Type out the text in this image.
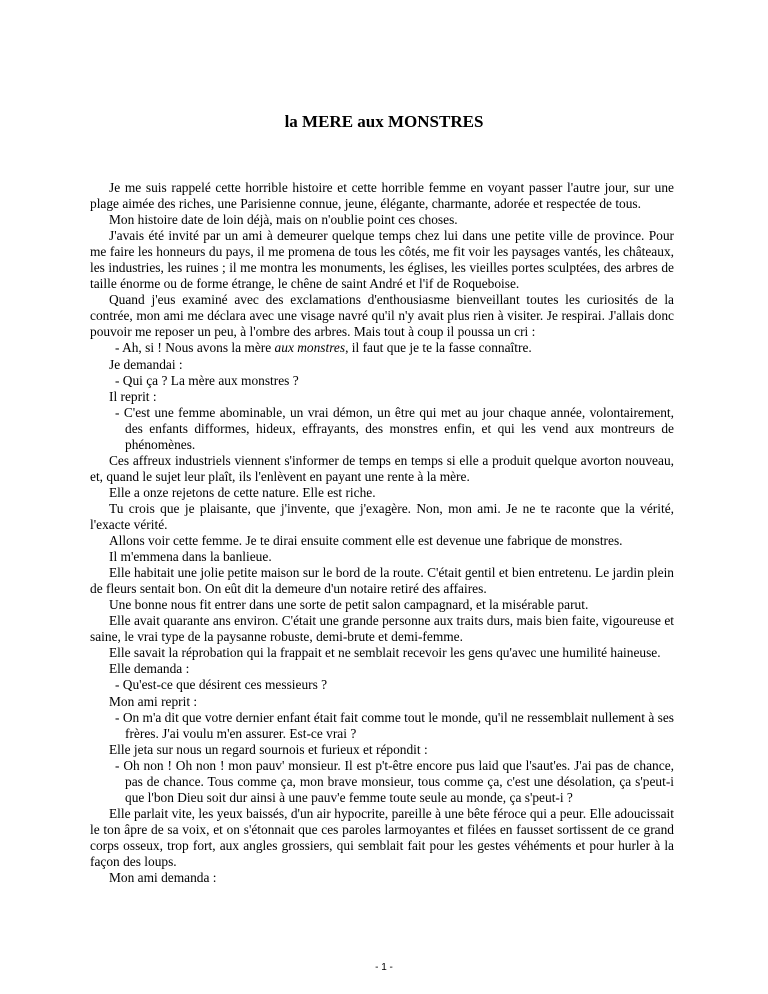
la MERE aux MONSTRES

Je me suis rappelé cette horrible histoire et cette horrible femme en voyant passer l'autre jour, sur une plage aimée des riches, une Parisienne connue, jeune, élégante, charmante, adorée et respectée de tous.

Mon histoire date de loin déjà, mais on n'oublie point ces choses.

J'avais été invité par un ami à demeurer quelque temps chez lui dans une petite ville de province. Pour me faire les honneurs du pays, il me promena de tous les côtés, me fit voir les paysages vantés, les châteaux, les industries, les ruines ; il me montra les monuments, les églises, les vieilles portes sculptées, des arbres de taille énorme ou de forme étrange, le chêne de saint André et l'if de Roqueboise.

Quand j'eus examiné avec des exclamations d'enthousiasme bienveillant toutes les curiosités de la contrée, mon ami me déclara avec une visage navré qu'il n'y avait plus rien à visiter. Je respirai. J'allais donc pouvoir me reposer un peu, à l'ombre des arbres. Mais tout à coup il poussa un cri :

- Ah, si ! Nous avons la mère aux monstres, il faut que je te la fasse connaître.

Je demandai :

- Qui ça ? La mère aux monstres ?

Il reprit :

- C'est une femme abominable, un vrai démon, un être qui met au jour chaque année, volontairement, des enfants difformes, hideux, effrayants, des monstres enfin, et qui les vend aux montreurs de phénomènes.

Ces affreux industriels viennent s'informer de temps en temps si elle a produit quelque avorton nouveau, et, quand le sujet leur plaît, ils l'enlèvent en payant une rente à la mère.

Elle a onze rejetons de cette nature. Elle est riche.

Tu crois que je plaisante, que j'invente, que j'exagère. Non, mon ami. Je ne te raconte que la vérité, l'exacte vérité.

Allons voir cette femme. Je te dirai ensuite comment elle est devenue une fabrique de monstres.

Il m'emmena dans la banlieue.

Elle habitait une jolie petite maison sur le bord de la route. C'était gentil et bien entretenu. Le jardin plein de fleurs sentait bon. On eût dit la demeure d'un notaire retiré des affaires.

Une bonne nous fit entrer dans une sorte de petit salon campagnard, et la misérable parut.

Elle avait quarante ans environ. C'était une grande personne aux traits durs, mais bien faite, vigoureuse et saine, le vrai type de la paysanne robuste, demi-brute et demi-femme.

Elle savait la réprobation qui la frappait et ne semblait recevoir les gens qu'avec une humilité haineuse.

Elle demanda :

- Qu'est-ce que désirent ces messieurs ?

Mon ami reprit :

- On m'a dit que votre dernier enfant était fait comme tout le monde, qu'il ne ressemblait nullement à ses frères. J'ai voulu m'en assurer. Est-ce vrai ?

Elle jeta sur nous un regard sournois et furieux et répondit :

- Oh non ! Oh non ! mon pauv' monsieur. Il est p't-être encore pus laid que l'saut'es. J'ai pas de chance, pas de chance. Tous comme ça, mon brave monsieur, tous comme ça, c'est une désolation, ça s'peut-i que l'bon Dieu soit dur ainsi à une pauv'e femme toute seule au monde, ça s'peut-i ?

Elle parlait vite, les yeux baissés, d'un air hypocrite, pareille à une bête féroce qui a peur. Elle adoucissait le ton âpre de sa voix, et on s'étonnait que ces paroles larmoyantes et filées en fausset sortissent de ce grand corps osseux, trop fort, aux angles grossiers, qui semblait fait pour les gestes véhéments et pour hurler à la façon des loups.

Mon ami demanda :

- 1 -
